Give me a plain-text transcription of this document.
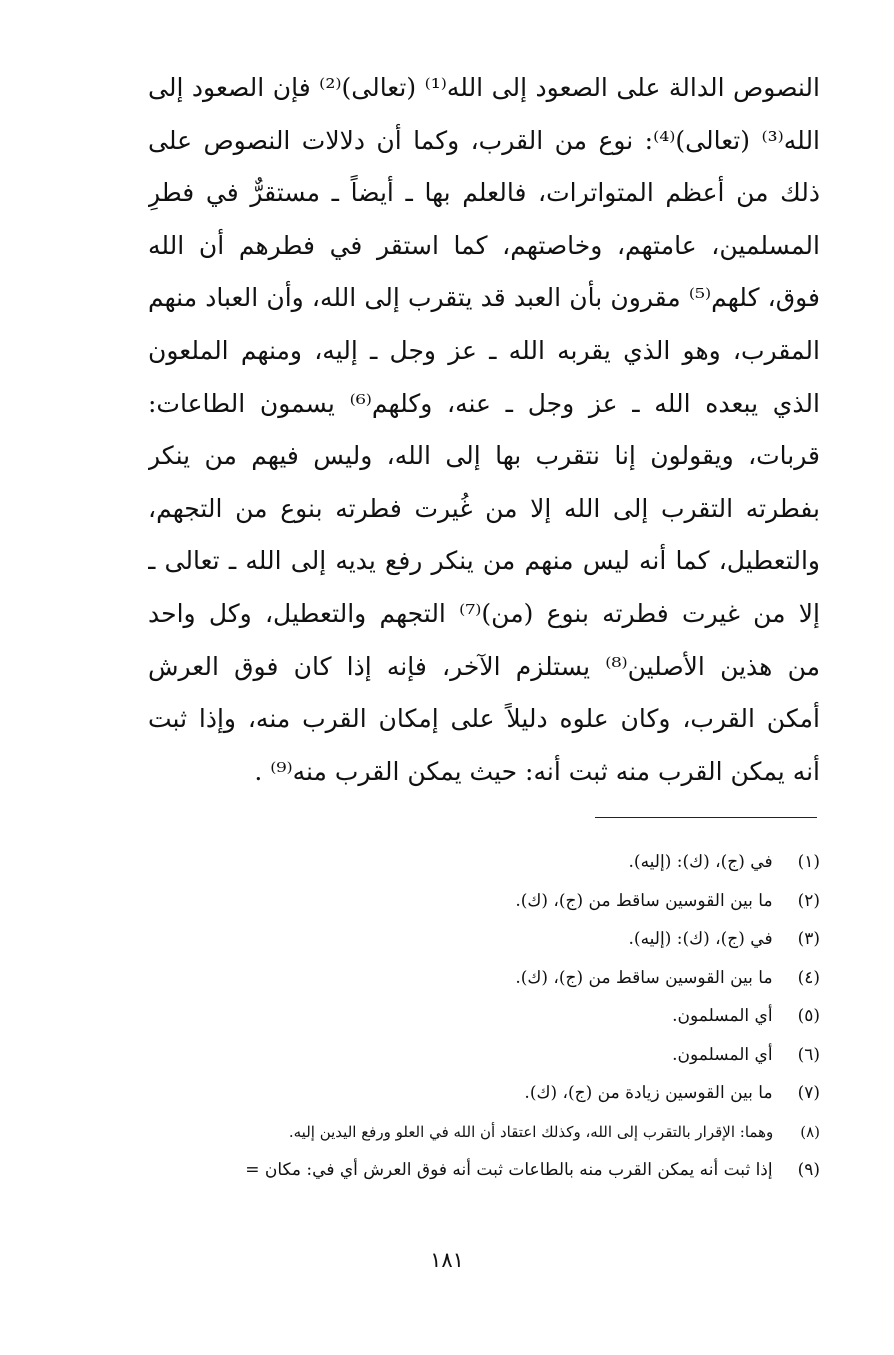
النصوص الدالة على الصعود إلى الله⁽¹⁾ (تعالى)⁽²⁾ فإن الصعود إلى
الله⁽³⁾ (تعالى)⁽⁴⁾: نوع من القرب، وكما أن دلالات النصوص على
ذلك من أعظم المتواترات، فالعلم بها ـ أيضاً ـ مستقرٌّ في فطرِ
المسلمين، عامتهم، وخاصتهم، كما استقر في فطرهم أن الله
فوق، كلهم⁽⁵⁾ مقرون بأن العبد قد يتقرب إلى الله، وأن العباد منهم
المقرب، وهو الذي يقربه الله ـ عز وجل ـ إليه، ومنهم الملعون
الذي يبعده الله ـ عز وجل ـ عنه، وكلهم⁽⁶⁾ يسمون الطاعات:
قربات، ويقولون إنا نتقرب بها إلى الله، وليس فيهم من ينكر
بفطرته التقرب إلى الله إلا من غُيرت فطرته بنوع من التجهم،
والتعطيل، كما أنه ليس منهم من ينكر رفع يديه إلى الله ـ تعالى ـ
إلا من غيرت فطرته بنوع (من)⁽⁷⁾ التجهم والتعطيل، وكل واحد
من هذين الأصلين⁽⁸⁾ يستلزم الآخر، فإنه إذا كان فوق العرش
أمكن القرب، وكان علوه دليلاً على إمكان القرب منه، وإذا ثبت
أنه يمكن القرب منه ثبت أنه: حيث يمكن القرب منه⁽⁹⁾ .
(١) في (ج)، (ك): (إليه).
(٢) ما بين القوسين ساقط من (ج)، (ك).
(٣) في (ج)، (ك): (إليه).
(٤) ما بين القوسين ساقط من (ج)، (ك).
(٥) أي المسلمون.
(٦) أي المسلمون.
(٧) ما بين القوسين زيادة من (ج)، (ك).
(٨) وهما: الإقرار بالتقرب إلى الله، وكذلك اعتقاد أن الله في العلو ورفع اليدين إليه.
(٩) إذا ثبت أنه يمكن القرب منه بالطاعات ثبت أنه فوق العرش أي في: مكان =
١٨١
